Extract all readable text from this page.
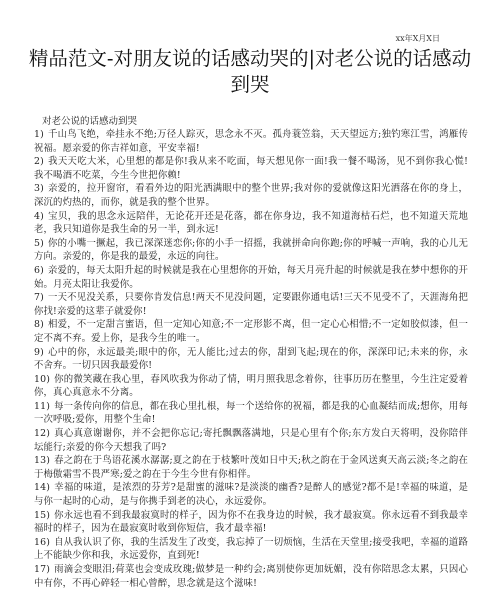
xx年X月X日
精品范文-对朋友说的话感动哭的|对老公说的话感动到哭
对老公说的话感动到哭

1) 千山鸟飞绝，牵挂永不绝;万径人踪灭，思念永不灭。孤舟蓑笠翁，天天望远方;独钓寒江雪，鸿雁传祝福。愿亲爱的你吉祥如意，平安幸福!

2) 我天天吃大米，心里想的都是你!我从来不吃面，每天想见你一面!我一餐不喝汤，见不到你我心慌!我不喝酒不吃菜，今生今世把你赖!

3) 亲爱的，拉开窗帘，看看外边的阳光洒满眼中的整个世界;我对你的爱就像这阳光洒落在你的身上，深沉的灼热的，而你，就是我的整个世界。

4) 宝贝，我的思念永远陪伴，无论花开还是花落，都在你身边，我不知道海枯石烂，也不知道天荒地老，我只知道你是我生命的另一半，到永远!

5) 你的小嘴一撅起，我已深深迷恋你;你的小手一招摇，我就拼命向你跑;你的呼喊一声响，我的心儿无方向。亲爱的，你是我的最爱，永远的向往。

6) 亲爱的，每天太阳升起的时候就是我在心里想你的开始，每天月亮升起的时候就是我在梦中想你的开始。月亮太阳让我爱你。

7) 一天不见没关系，只要你肯发信息!两天不见没问题，定要跟你通电话!三天不见受不了，天涯海角把你找!亲爱的这辈子就爱你!

8) 相爱，不一定甜言蜜语，但一定知心知意;不一定形影不离，但一定心心相惜;不一定如胶似漆，但一定不离不弃。爱上你，是我今生的唯一。

9) 心中的你，永远最美;眼中的你，无人能比;过去的你，甜到飞起;现在的你，深深印记;未来的你，永不舍弃。一切只因我最爱你!

10) 你的微笑藏在我心里，春风吹我为你动了情，明月照我思念着你，往事历历在整里，今生注定爱着你，真心真意永不分离。

11) 每一条传向你的信息，都在我心里扎根，每一个送给你的祝福，都是我的心血凝结而成;想你，用每一次呼吸;爱你，用整个生命!

12) 真心真意谢谢你，并不会把你忘记;寄托飘飘落满地，只是心里有个你;东方发白天将明，没你陪伴坛能行;亲爱的你今天想我了吗?

13) 春之韵在于鸟语花溪水潺潺;夏之韵在于枝繁叶茂如日中天;秋之韵在于金风送爽天高云淡;冬之韵在于梅傲霜雪不畏严寒;爱之韵在于今生今世有你相伴。

14) 幸福的味道，是浓烈的芬芳?是甜蜜的滋味?是淡淡的幽香?是醉人的感觉?都不是!幸福的味道，是与你一起时的心动，是与你携手到老的决心，永远爱你。

15) 你永远也看不到我最寂寞时的样子，因为你不在我身边的时候，我才最寂寞。你永远看不到我最幸福时的样子，因为在最寂寞时收到你短信，我才最幸福!

16) 自从我认识了你，我的生活发生了改变，我忘掉了一切烦恼，生活在天堂里;接受我吧，幸福的道路上不能缺少你和我，永远爱你，直到死!

17) 雨滴会变眼泪;荷菜也会变成玫瑰;做梦是一种约会;离别使你更加妩媚，没有你陪思念太累，只因心中有你，不再心碎轻一相心曾醉，思念就是这个滋味!
